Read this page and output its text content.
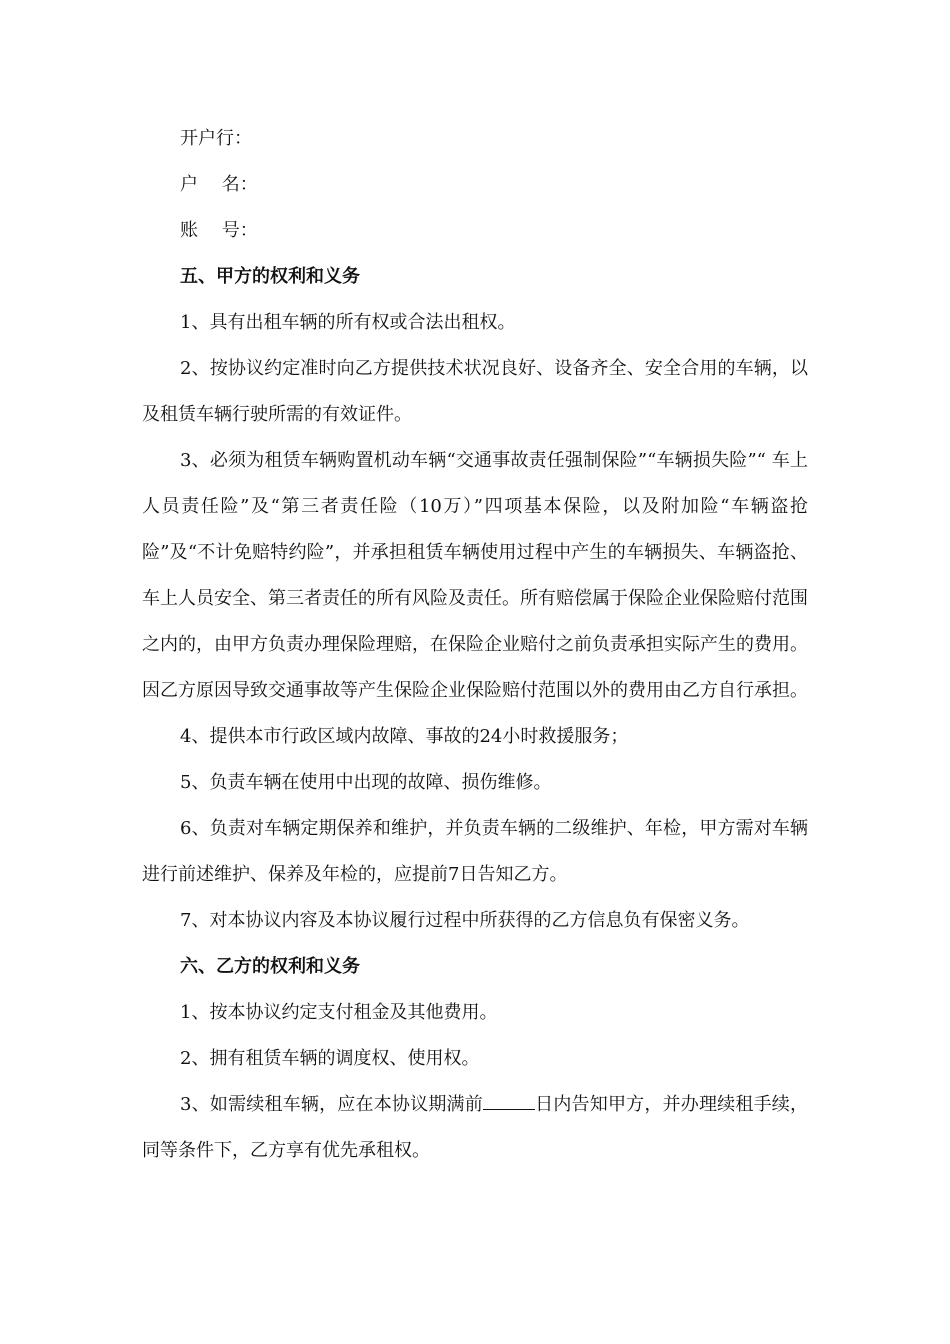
开户行：

户　 名：

账　 号：

五、甲方的权利和义务

1、具有出租车辆的所有权或合法出租权。

2、按协议约定准时向乙方提供技术状况良好、设备齐全、安全合用的车辆，以及租赁车辆行驶所需的有效证件。

3、必须为租赁车辆购置机动车辆“交通事故责任强制保险”“车辆损失险”“ 车上人员责任险”及“第三者责任险（10万）”四项基本保险，以及附加险“车辆盗抢险”及“不计免赔特约险”，并承担租赁车辆使用过程中产生的车辆损失、车辆盗抢、车上人员安全、第三者责任的所有风险及责任。所有赔偿属于保险企业保险赔付范围之内的，由甲方负责办理保险理赔，在保险企业赔付之前负责承担实际产生的费用。因乙方原因导致交通事故等产生保险企业保险赔付范围以外的费用由乙方自行承担。

4、提供本市行政区域内故障、事故的24小时救援服务；

5、负责车辆在使用中出现的故障、损伤维修。

6、负责对车辆定期保养和维护，并负责车辆的二级维护、年检，甲方需对车辆进行前述维护、保养及年检的，应提前7日告知乙方。

7、对本协议内容及本协议履行过程中所获得的乙方信息负有保密义务。

六、乙方的权利和义务

1、按本协议约定支付租金及其他费用。

2、拥有租赁车辆的调度权、使用权。

3、如需续租车辆，应在本协议期满前	日内告知甲方，并办理续租手续，同等条件下，乙方享有优先承租权。
